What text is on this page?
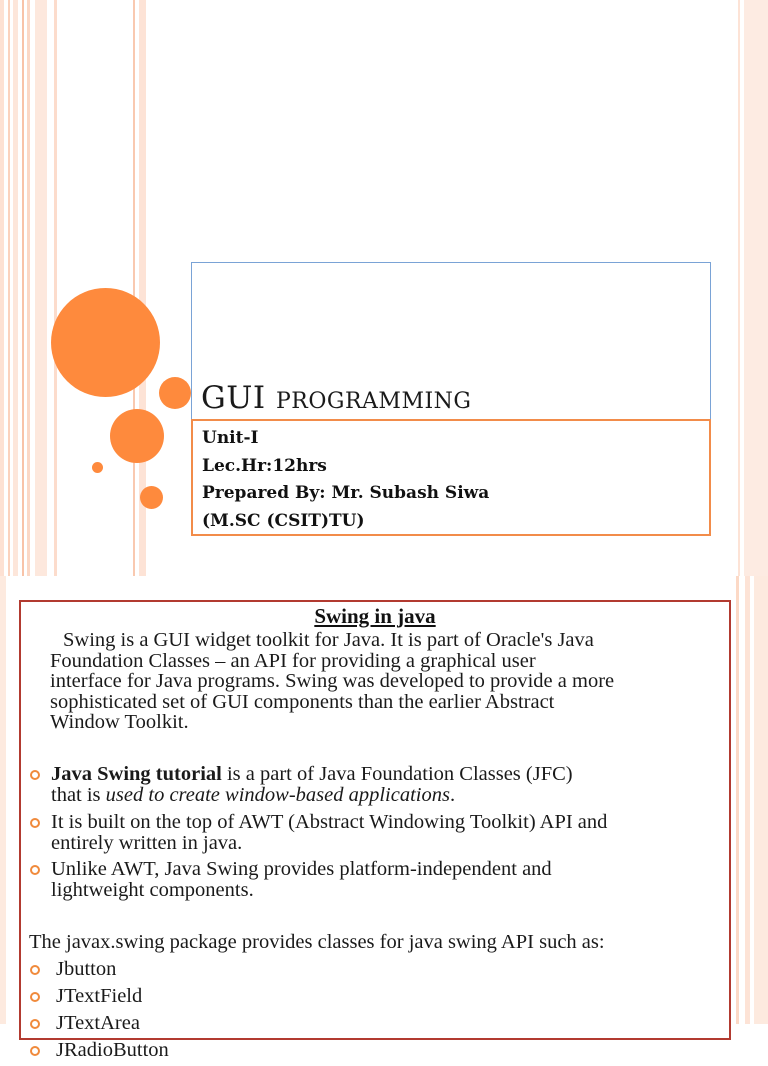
GUI PROGRAMMING
Unit-I
Lec.Hr:12hrs
Prepared By: Mr. Subash Siwa
(M.SC (CSIT)TU)
Swing in java
Swing is a GUI widget toolkit for Java. It is part of Oracle's Java
Foundation Classes – an API for providing a graphical user
interface for Java programs. Swing was developed to provide a more
sophisticated set of GUI components than the earlier Abstract
Window Toolkit.
Java Swing tutorial is a part of Java Foundation Classes (JFC)
that is used to create window-based applications.
It is built on the top of AWT (Abstract Windowing Toolkit) API and
entirely written in java.
Unlike AWT, Java Swing provides platform-independent and
lightweight components.
The javax.swing package provides classes for java swing API such as:
Jbutton
JTextField
JTextArea
JRadioButton
